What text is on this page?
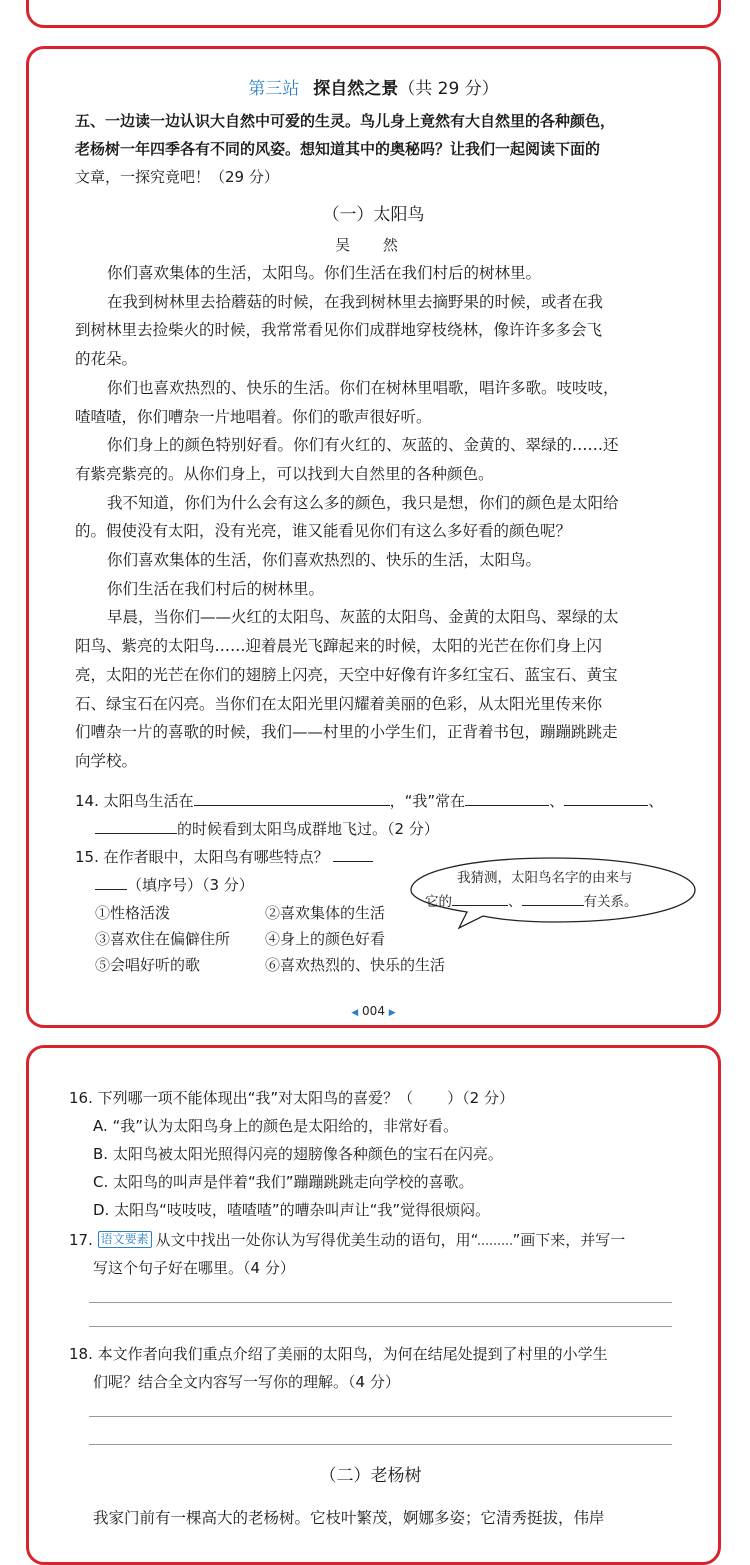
第三站 探自然之景（共 29 分）
五、一边读一边认识大自然中可爱的生灵。鸟儿身上竟然有大自然里的各种颜色，
老杨树一年四季各有不同的风姿。想知道其中的奥秘吗？让我们一起阅读下面的
文章，一探究竟吧！（29 分）
（一）太阳鸟
吴 然
你们喜欢集体的生活，太阳鸟。你们生活在我们村后的树林里。
在我到树林里去拾蘑菇的时候，在我到树林里去摘野果的时候，或者在我
到树林里去捡柴火的时候，我常常看见你们成群地穿枝绕林，像许许多多会飞
的花朵。
你们也喜欢热烈的、快乐的生活。你们在树林里唱歌，唱许多歌。吱吱吱，
喳喳喳，你们嘈杂一片地唱着。你们的歌声很好听。
你们身上的颜色特别好看。你们有火红的、灰蓝的、金黄的、翠绿的……还
有紫亮紫亮的。从你们身上，可以找到大自然里的各种颜色。
我不知道，你们为什么会有这么多的颜色，我只是想，你们的颜色是太阳给
的。假使没有太阳，没有光亮，谁又能看见你们有这么多好看的颜色呢？
你们喜欢集体的生活，你们喜欢热烈的、快乐的生活，太阳鸟。
你们生活在我们村后的树林里。
早晨，当你们——火红的太阳鸟、灰蓝的太阳鸟、金黄的太阳鸟、翠绿的太
阳鸟、紫亮的太阳鸟……迎着晨光飞蹿起来的时候，太阳的光芒在你们身上闪
亮，太阳的光芒在你们的翅膀上闪亮，天空中好像有许多红宝石、蓝宝石、黄宝
石、绿宝石在闪亮。当你们在太阳光里闪耀着美丽的色彩，从太阳光里传来你
们嘈杂一片的喜歌的时候，我们——村里的小学生们，正背着书包，蹦蹦跳跳走
向学校。
14. 太阳鸟生活在	，“我”常在	、	、
的时候看到太阳鸟成群地飞过。（2 分）
15. 在作者眼中，太阳鸟有哪些特点？
（填序号）（3 分）
①性格活泼	②喜欢集体的生活
③喜欢住在偏僻住所 ④身上的颜色好看
⑤会唱好听的歌	⑥喜欢热烈的、快乐的生活
◀ 004 ▶
我猜测，太阳鸟名字的由来与
它的	、	有关系。
16. 下列哪一项不能体现出“我”对太阳鸟的喜爱？（ ）（2 分）
A. “我”认为太阳鸟身上的颜色是太阳给的，非常好看。
B. 太阳鸟被太阳光照得闪亮的翅膀像各种颜色的宝石在闪亮。
C. 太阳鸟的叫声是伴着“我们”蹦蹦跳跳走向学校的喜歌。
D. 太阳鸟“吱吱吱，喳喳喳”的嘈杂叫声让“我”觉得很烦闷。
17. 语文要素 从文中找出一处你认为写得优美生动的语句，用“ ”画下来，并写一
写这个句子好在哪里。（4 分）
18. 本文作者向我们重点介绍了美丽的太阳鸟，为何在结尾处提到了村里的小学生
们呢？结合全文内容写一写你的理解。（4 分）
（二）老杨树
我家门前有一棵高大的老杨树。它枝叶繁茂，婀娜多姿；它清秀挺拔，伟岸
